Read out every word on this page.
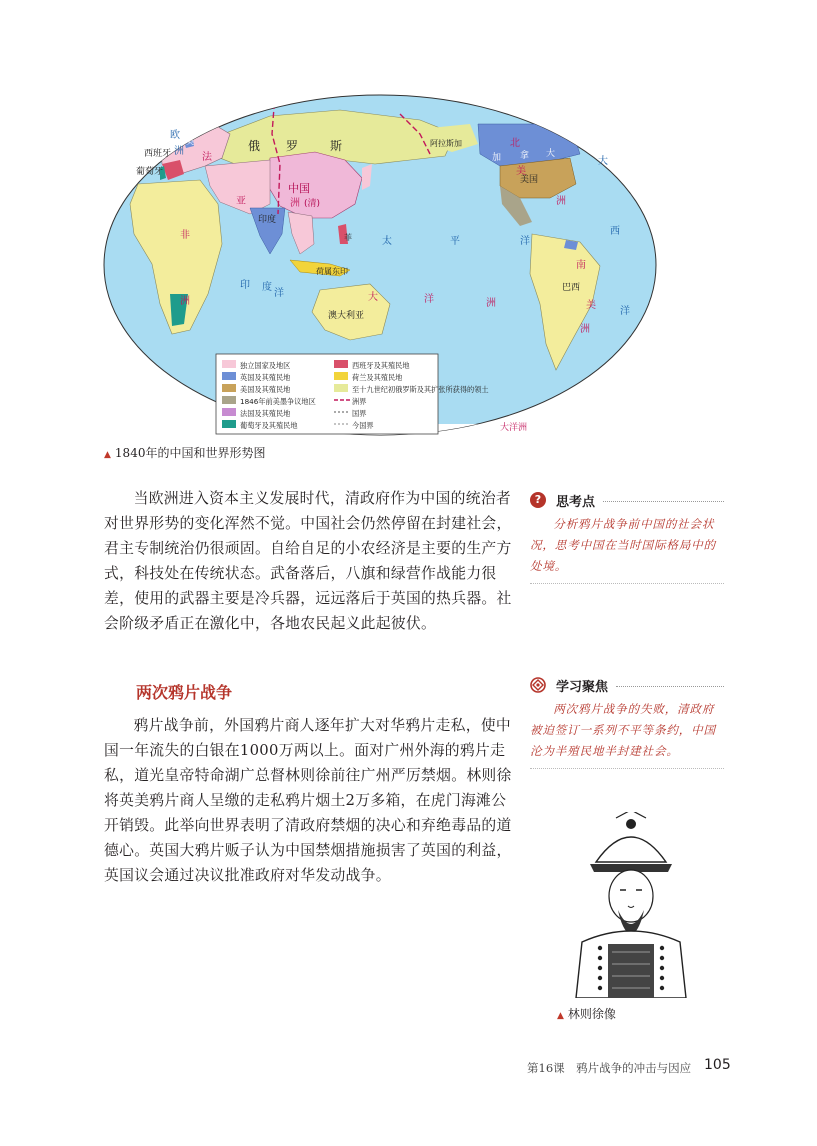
西班牙
葡萄牙
欧
洲
法
英	俄 罗	斯
中国
亚	洲 (清)
印度
非
洲
印 度
洋
菲
荷属东印
澳大利亚
大	洋	洲
太	平	洋
阿拉斯加	北
美
洲
加 拿 大
美国
大
西
洋
南
巴西
美
洲
大洋洲
独立国家及地区
英国及其殖民地
美国及其殖民地
1846年前美墨争议地区
法国及其殖民地
葡萄牙及其殖民地
西班牙及其殖民地
荷兰及其殖民地
至十九世纪初俄罗斯及其扩张所获得的领土
洲界
国界
今国界
▲ 1840年的中国和世界形势图

当欧洲进入资本主义发展时代，清政府作为中国的统治者对世界形势的变化浑然不觉。中国社会仍然停留在封建社会，君主专制统治仍很顽固。自给自足的小农经济是主要的生产方式，科技处在传统状态。武备落后，八旗和绿营作战能力很差，使用的武器主要是冷兵器，远远落后于英国的热兵器。社会阶级矛盾正在激化中，各地农民起义此起彼伏。

两次鸦片战争

鸦片战争前，外国鸦片商人逐年扩大对华鸦片走私，使中国一年流失的白银在1000万两以上。面对广州外海的鸦片走私，道光皇帝特命湖广总督林则徐前往广州严厉禁烟。林则徐将英美鸦片商人呈缴的走私鸦片烟土2万多箱，在虎门海滩公开销毁。此举向世界表明了清政府禁烟的决心和弃绝毒品的道德心。英国大鸦片贩子认为中国禁烟措施损害了英国的利益，英国议会通过决议批准政府对华发动战争。

?	思考点
分析鸦片战争前中国的社会状况，思考中国在当时国际格局中的处境。
学习聚焦
两次鸦片战争的失败，清政府被迫签订一系列不平等条约，中国沦为半殖民地半封建社会。
▲ 林则徐像
第16课　鸦片战争的冲击与因应 105
